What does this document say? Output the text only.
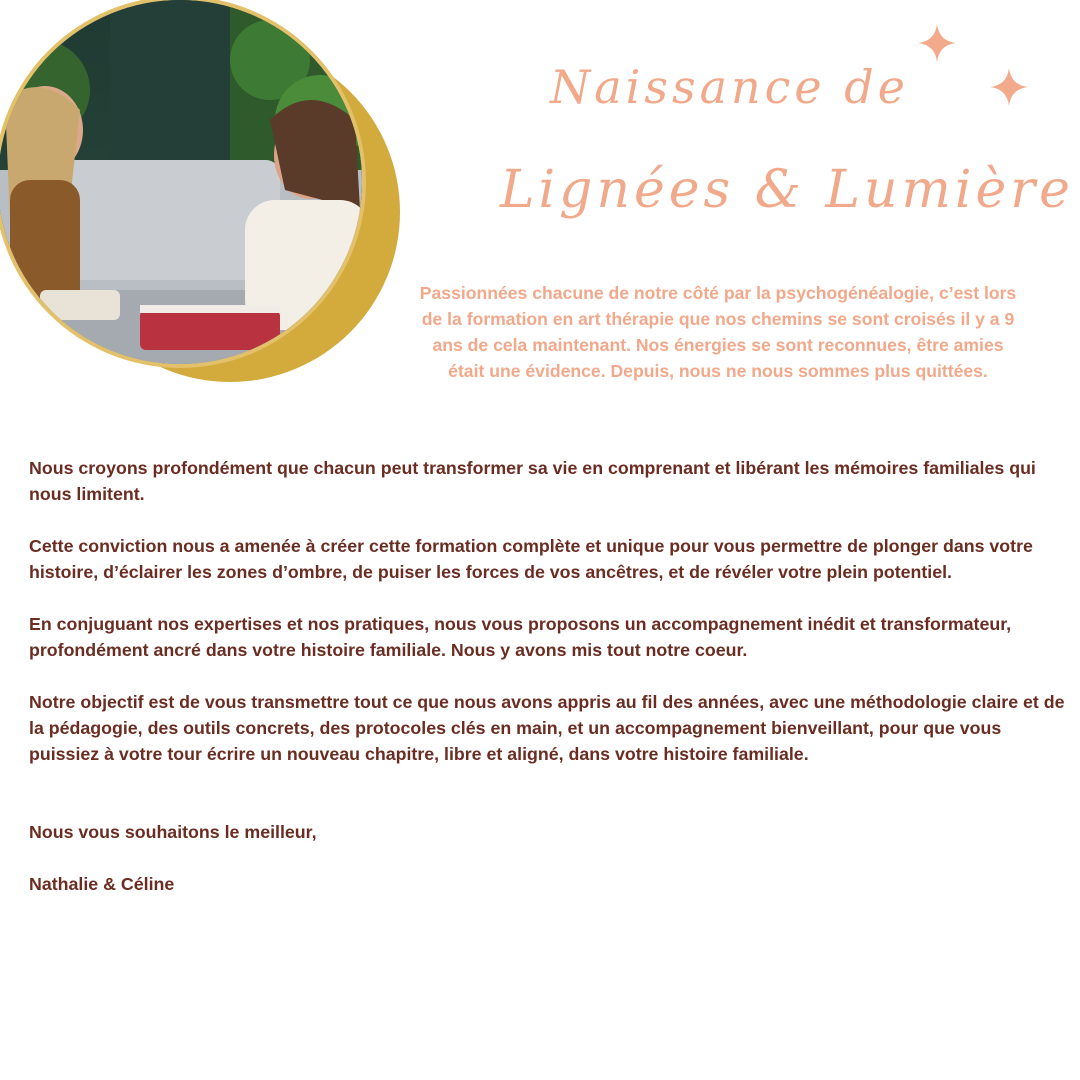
Naissance de
Lignées & Lumière

Passionnées chacune de notre côté par la psychogénéalogie, c’est lors de la formation en art thérapie que nos chemins se sont croisés il y a 9 ans de cela maintenant. Nos énergies se sont reconnues, être amies était une évidence. Depuis, nous ne nous sommes plus quittées.

Nous croyons profondément que chacun peut transformer sa vie en comprenant et libérant les mémoires familiales qui nous limitent.

Cette conviction nous a amenée à créer cette formation complète et unique pour vous permettre de plonger dans votre histoire, d’éclairer les zones d’ombre, de puiser les forces de vos ancêtres, et de révéler votre plein potentiel.

En conjuguant nos expertises et nos pratiques, nous vous proposons un accompagnement inédit et transformateur, profondément ancré dans votre histoire familiale. Nous y avons mis tout notre coeur.

Notre objectif est de vous transmettre tout ce que nous avons appris au fil des années, avec une méthodologie claire et de la pédagogie, des outils concrets, des protocoles clés en main, et un accompagnement bienveillant, pour que vous puissiez à votre tour écrire un nouveau chapitre, libre et aligné, dans votre histoire familiale.

Nous vous souhaitons le meilleur,

Nathalie & Céline
